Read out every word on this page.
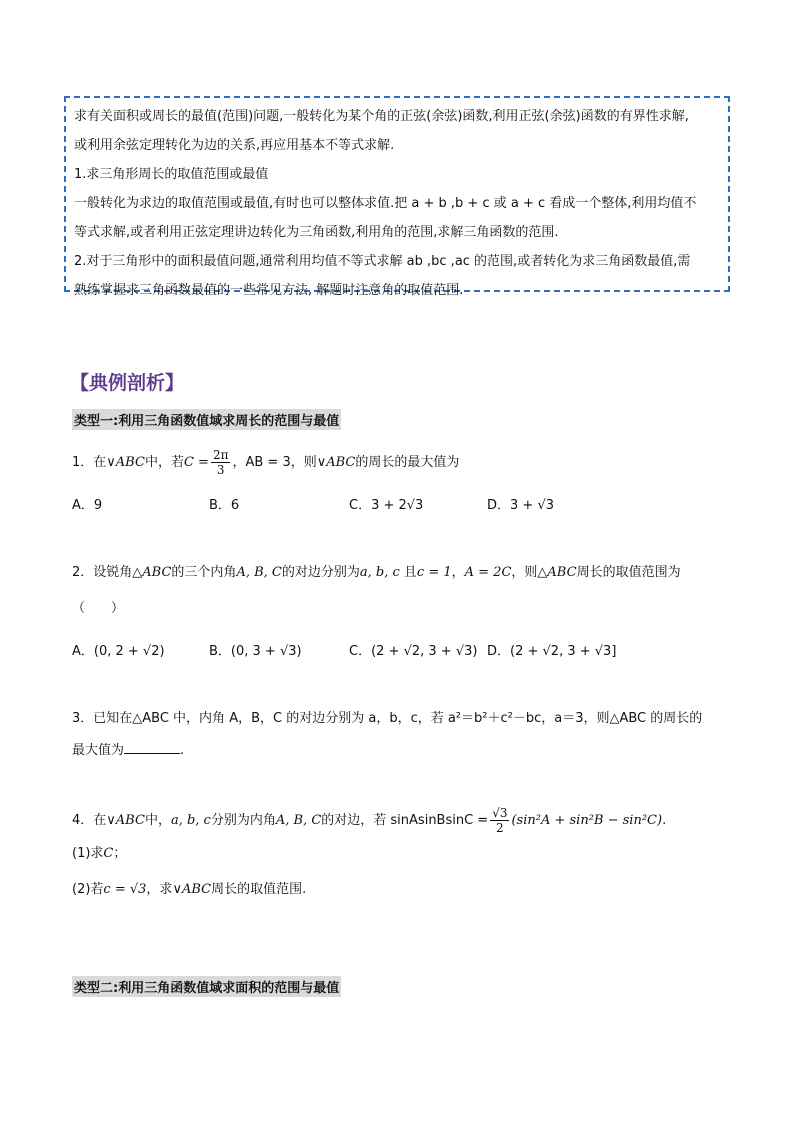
求有关面积或周长的最值(范围)问题,一般转化为某个角的正弦(余弦)函数,利用正弦(余弦)函数的有界性求解,
或利用余弦定理转化为边的关系,再应用基本不等式求解.
1.求三角形周长的取值范围或最值
一般转化为求边的取值范围或最值,有时也可以整体求值.把 a + b ,b + c 或 a + c 看成一个整体,利用均值不
等式求解,或者利用正弦定理讲边转化为三角函数,利用角的范围,求解三角函数的范围.
2.对于三角形中的面积最值问题,通常利用均值不等式求解 ab ,bc ,ac 的范围,或者转化为求三角函数最值,需
熟练掌握求三角函数最值的一些常见方法, 解题时注意角的取值范围.
【典例剖析】
类型一:利用三角函数值域求周长的范围与最值
1．在∨ABC中，若$C = \frac{2\pi}{3}$ ，AB = 3，则∨ABC的周长的最大值为
A．9	B．6	C．3 + 2√3	D．3 + √3
2．设锐角△ABC的三个内角A, B, C的对边分别为a, b, c 且c = 1，A = 2C，则△ABC周长的取值范围为
（　　）
A．(0, 2 + √2)	B．(0, 3 + √3)	C．(2 + √2, 3 + √3) D．(2 + √2, 3 + √3]
3．已知在△ABC 中，内角 A，B，C 的对边分别为 a，b，c，若 a²＝b²＋c²－bc，a＝3，则△ABC 的周长的
最大值为	.
4．在∨ABC中，a, b, c分别为内角A, B, C的对边，若 sinAsinBsinC = $\frac{√3}{2} (\sin^2A + \sin^2B - \sin^2C)$.
(1)求C；
(2)若c = √3，求∨ABC周长的取值范围.
类型二:利用三角函数值域求面积的范围与最值
